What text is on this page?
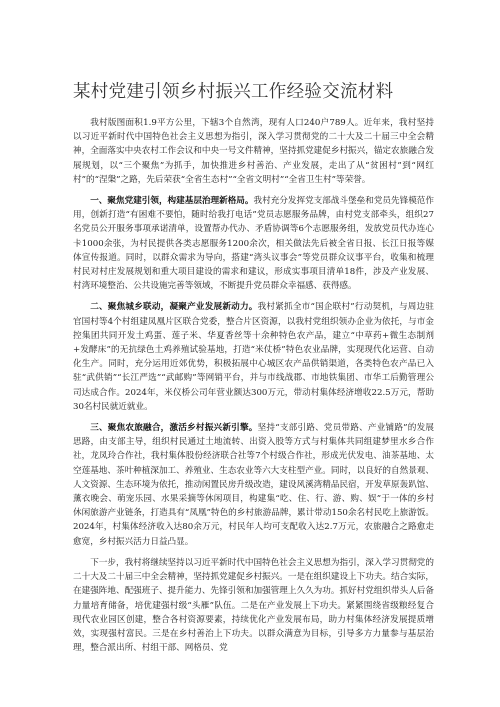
某村党建引领乡村振兴工作经验交流材料

我村版图面积1.9平方公里，下辖3个自然湾，现有人口240户789人。近年来，我村坚持以习近平新时代中国特色社会主义思想为指引，深入学习贯彻党的二十大及二十届三中全会精神，全面落实中央农村工作会议和中央一号文件精神，坚持抓党建促乡村振兴，锚定农旅融合发展规划，以“三个聚焦”为抓手，加快推进乡村善治、产业发展，走出了从“贫困村”到“网红村”的“涅槃”之路，先后荣获“全省生态村”“全省文明村”“全省卫生村”等荣誉。

一、聚焦党建引领，构建基层治理新格局。我村充分发挥党支部战斗堡垒和党员先锋模范作用，创新打造“有困难不要怕，随时给我打电话”党员志愿服务品牌，由村党支部牵头，组织27名党员公开服务事项承诺清单，设置帮办代办、矛盾协调等6个志愿服务组，发放党员代办连心卡1000余张，为村民提供各类志愿服务1200余次，相关做法先后被全省日报、长江日报等媒体宣传报道。同时，以群众需求为导向，搭建“湾头议事会”等党员群众议事平台，收集和梳理村民对村庄发展规划和重大项目建设的需求和建议，形成实事项目清单18件，涉及产业发展、村湾环境整治、公共设施完善等领域，不断提升党员群众幸福感、获得感。

二、聚焦城乡联动，凝聚产业发展新动力。我村紧抓全市“国企联村”行动契机，与周边驻官国村等4个村组建凤凰片区联合党委，整合片区资源，以我村党组织领办企业为依托，与市金控集团共同开发土鸡蛋、莲子米、华夏香丝等十余种特色农产品，建立“中草药+微生态制剂+发酵床”的无抗绿色土鸡养殖试验基地，打造“米仗桥”特色农业品牌，实现现代化运营、自动化生产。同时，充分运用近郊优势，积极拓展中心城区农产品供销渠道，各类特色农产品已入驻“武供销”“长江严选”“武邮购”等网销平台，并与市线战郡、市地铁集团、市华工后勤管理公司达成合作。2024年，米仪桥公司年营业额达300万元，带动村集体经济增收22.5万元，帮助30名村民就近就业。

三、聚焦农旅融合，激活乡村振兴新引擎。坚持“支部引路、党员带路、产业铺路”的发展思路，由支部主导，组织村民通过土地流转、出资入股等方式与村集体共同组建梦里水乡合作社，龙凤玲合作社，我村集体股份经济联合社等7个村级合作社，形成光伏发电、油茶基地、太空莲基地、茶叶种植深加工、养殖业、生态农业等六大支柱型产业。同时，以良好的自然景观、人文资源、生态环境为依托，推动闲置民房升级改造，建设风溪湾精品民宿，开发草原轰趴馆、薰衣晚会、萌宠乐园、水果采摘等休闲项目，构建集“吃、住、行、游、购、娱”于一体的乡村休闲旅游产业链条，打造具有“凤凰”特色的乡村旅游品牌，累计带动150余名村民吃上旅游饭。2024年，村集体经济收入达80余万元，村民年人均可支配收入达2.7万元，农旅融合之路愈走愈宽，乡村振兴活力日益凸显。

下一步，我村将继续坚持以习近平新时代中国特色社会主义思想为指引，深入学习贯彻党的二十大及二十届三中全会精神，坚持抓党建促乡村振兴。一是在组织建设上下功夫。结合实际，在建强阵地、配强班子、提升能力、先锋引领和加强管理上久久为功。抓好村党组织带头人后备力量培育储备，培优建强村级“头雁”队伍。二是在产业发展上下功夫。紧紧围绕省级粮经复合现代农业园区创建，整合各村资源要素，持续优化产业发展布局，助力村集体经济发展提质增效，实现强村富民。三是在乡村善治上下功夫。以群众满意为目标，引导多方力量参与基层治理，整合派出所、村组干部、网格员、党
